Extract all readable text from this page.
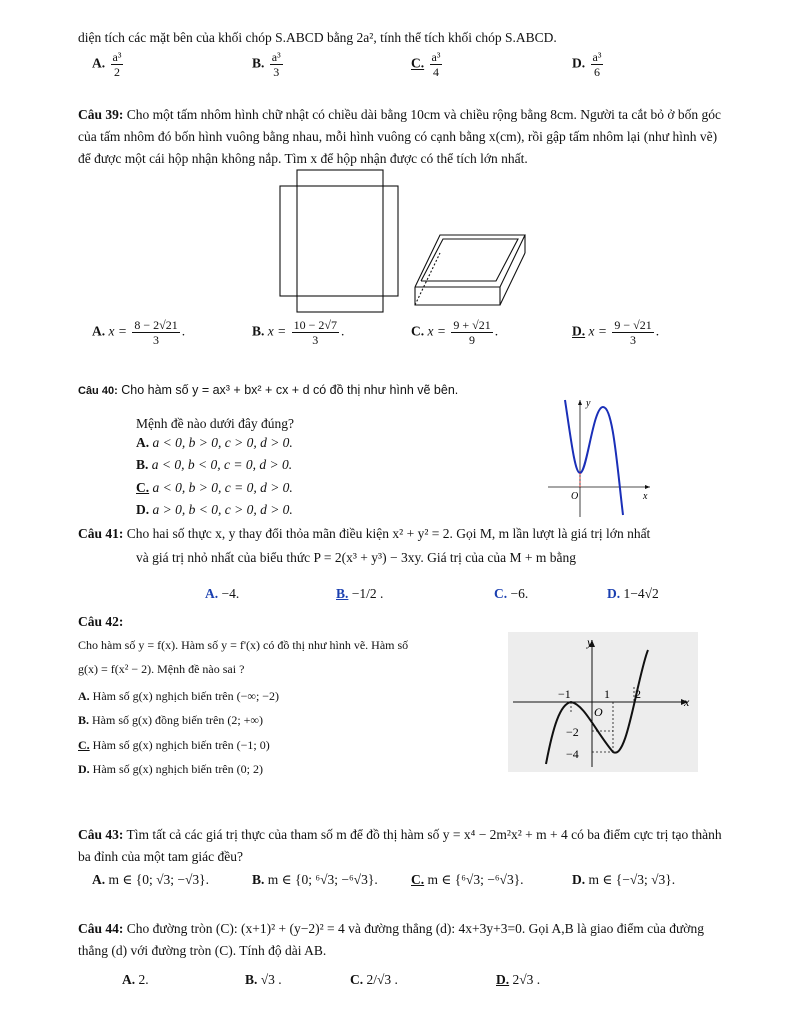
diện tích các mặt bên của khối chóp S.ABCD bằng 2a², tính thể tích khối chóp S.ABCD.
A. $\frac{\text{a³}}{2}$	B. $\frac{\text{a³}}{3}$	C. $\frac{\text{a³}}{4}$	D. $\frac{\text{a³}}{6}$
Câu 39: Cho một tấm nhôm hình chữ nhật có chiều dài bằng 10cm và chiều rộng bằng 8cm. Người ta cắt bỏ ở bốn góc của tấm nhôm đó bốn hình vuông bằng nhau, mỗi hình vuông có cạnh bằng x(cm), rồi gập tấm nhôm lại (như hình vẽ) để được một cái hộp nhận không nắp. Tìm x để hộp nhận được có thể tích lớn nhất.
A. $x = \frac{8 - 2√21}{3}$ .	B. $x = \frac{10 - 2√7}{3}$ .	C. $x = \frac{9 + √21}{9}$ .	D. $x = \frac{9 - √21}{3}$ .
Câu 40: Cho hàm số y = ax³ + bx² + cx + d có đồ thị như hình vẽ bên.
Mệnh đề nào dưới đây đúng?
A. a < 0, b > 0, c > 0, d > 0.
B. a < 0, b < 0, c = 0, d > 0.
C. a < 0, b > 0, c = 0, d > 0.
D. a > 0, b < 0, c > 0, d > 0.
y
x
O
Câu 41: Cho hai số thực x, y thay đổi thỏa mãn điều kiện x² + y² = 2. Gọi M, m lần lượt là giá trị lớn nhất
và giá trị nhỏ nhất của biểu thức P = 2(x³ + y³) − 3xy. Giá trị của của M + m bằng
A. −4.	B. −1/2 .	C. −6.	D. 1−4√2
Câu 42:
Cho hàm số y = f(x). Hàm số y = f'(x) có đồ thị như hình vẽ. Hàm số
g(x) = f(x² − 2). Mệnh đề nào sai ?
A. Hàm số g(x) nghịch biến trên (−∞; −2)
B. Hàm số g(x) đồng biến trên (2; +∞)
C. Hàm số g(x) nghịch biến trên (−1; 0)
D. Hàm số g(x) nghịch biến trên (0; 2)
y
x
O
−1	1 2
−2
−4
Câu 43: Tìm tất cả các giá trị thực của tham số m để đồ thị hàm số y = x⁴ − 2m²x² + m + 4 có ba điểm cực trị tạo thành ba đỉnh của một tam giác đều?
A. m ∈ {0; √3; −√3}.	B. m ∈ {0; ⁶√3; −⁶√3}. C. m ∈ {⁶√3; −⁶√3}.	D. m ∈ {−√3; √3}.
Câu 44: Cho đường tròn (C): (x+1)² + (y−2)² = 4 và đường thẳng (d): 4x+3y+3=0. Gọi A,B là giao điểm của đường thẳng (d) với đường tròn (C). Tính độ dài AB.
A. 2.	B. √3 .	C. 2/√3 .	D. 2√3 .
